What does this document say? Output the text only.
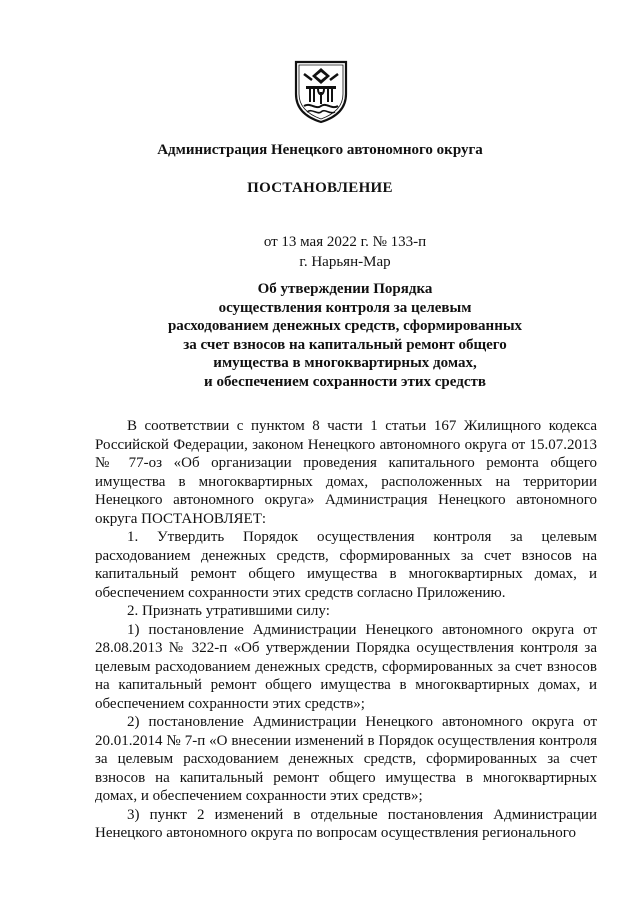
Администрация Ненецкого автономного округа
ПОСТАНОВЛЕНИЕ
от 13 мая 2022 г. № 133-п
г. Нарьян-Мар
Об утверждении Порядка
осуществления контроля за целевым
расходованием денежных средств, сформированных
за счет взносов на капитальный ремонт общего
имущества в многоквартирных домах,
и обеспечением сохранности этих средств

В соответствии с пунктом 8 части 1 статьи 167 Жилищного кодекса Российской Федерации, законом Ненецкого автономного округа от 15.07.2013 № 77-оз «Об организации проведения капитального ремонта общего имущества в многоквартирных домах, расположенных на территории Ненецкого автономного округа» Администрация Ненецкого автономного округа ПОСТАНОВЛЯЕТ:

1. Утвердить Порядок осуществления контроля за целевым расходованием денежных средств, сформированных за счет взносов на капитальный ремонт общего имущества в многоквартирных домах, и обеспечением сохранности этих средств согласно Приложению.

2. Признать утратившими силу:

1) постановление Администрации Ненецкого автономного округа от 28.08.2013 № 322-п «Об утверждении Порядка осуществления контроля за целевым расходованием денежных средств, сформированных за счет взносов на капитальный ремонт общего имущества в многоквартирных домах, и обеспечением сохранности этих средств»;

2) постановление Администрации Ненецкого автономного округа от 20.01.2014 № 7-п «О внесении изменений в Порядок осуществления контроля за целевым расходованием денежных средств, сформированных за счет взносов на капитальный ремонт общего имущества в многоквартирных домах, и обеспечением сохранности этих средств»;

3) пункт 2 изменений в отдельные постановления Администрации Ненецкого автономного округа по вопросам осуществления регионального
